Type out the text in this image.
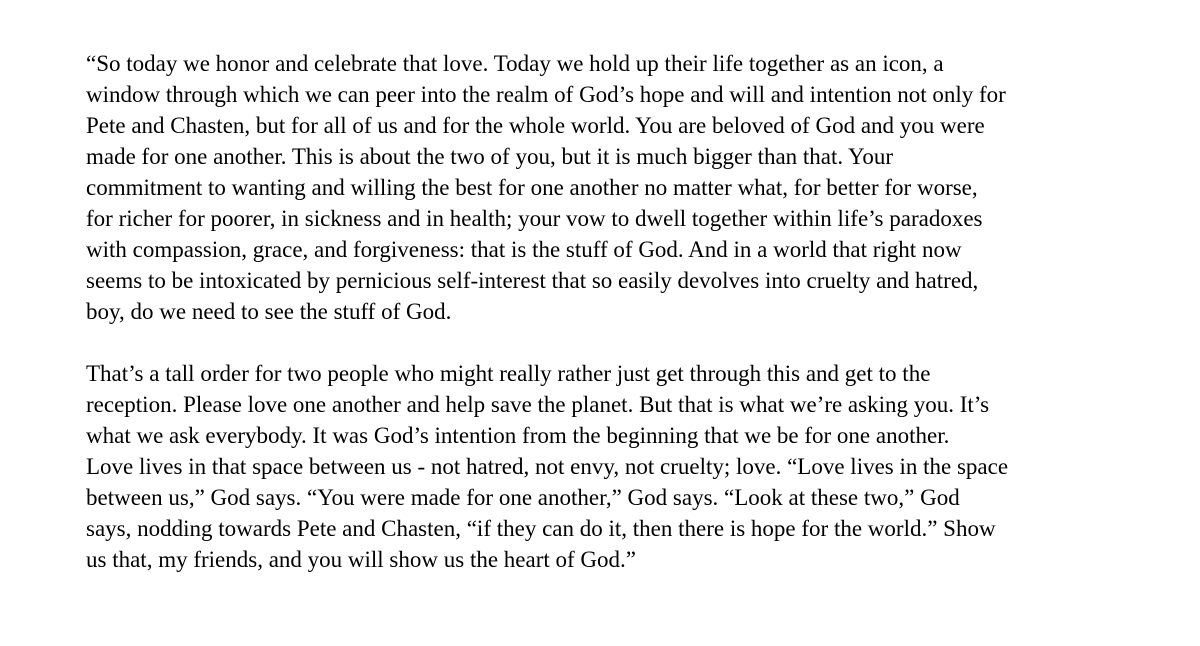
“So today we honor and celebrate that love. Today we hold up their life together as an icon, a
window through which we can peer into the realm of God’s hope and will and intention not only for
Pete and Chasten, but for all of us and for the whole world. You are beloved of God and you were
made for one another. This is about the two of you, but it is much bigger than that. Your
commitment to wanting and willing the best for one another no matter what, for better for worse,
for richer for poorer, in sickness and in health; your vow to dwell together within life’s paradoxes
with compassion, grace, and forgiveness: that is the stuff of God. And in a world that right now
seems to be intoxicated by pernicious self-interest that so easily devolves into cruelty and hatred,
boy, do we need to see the stuff of God.
That’s a tall order for two people who might really rather just get through this and get to the
reception. Please love one another and help save the planet. But that is what we’re asking you. It’s
what we ask everybody. It was God’s intention from the beginning that we be for one another.
Love lives in that space between us - not hatred, not envy, not cruelty; love. “Love lives in the space
between us,” God says. “You were made for one another,” God says. “Look at these two,” God
says, nodding towards Pete and Chasten, “if they can do it, then there is hope for the world.” Show
us that, my friends, and you will show us the heart of God.”
